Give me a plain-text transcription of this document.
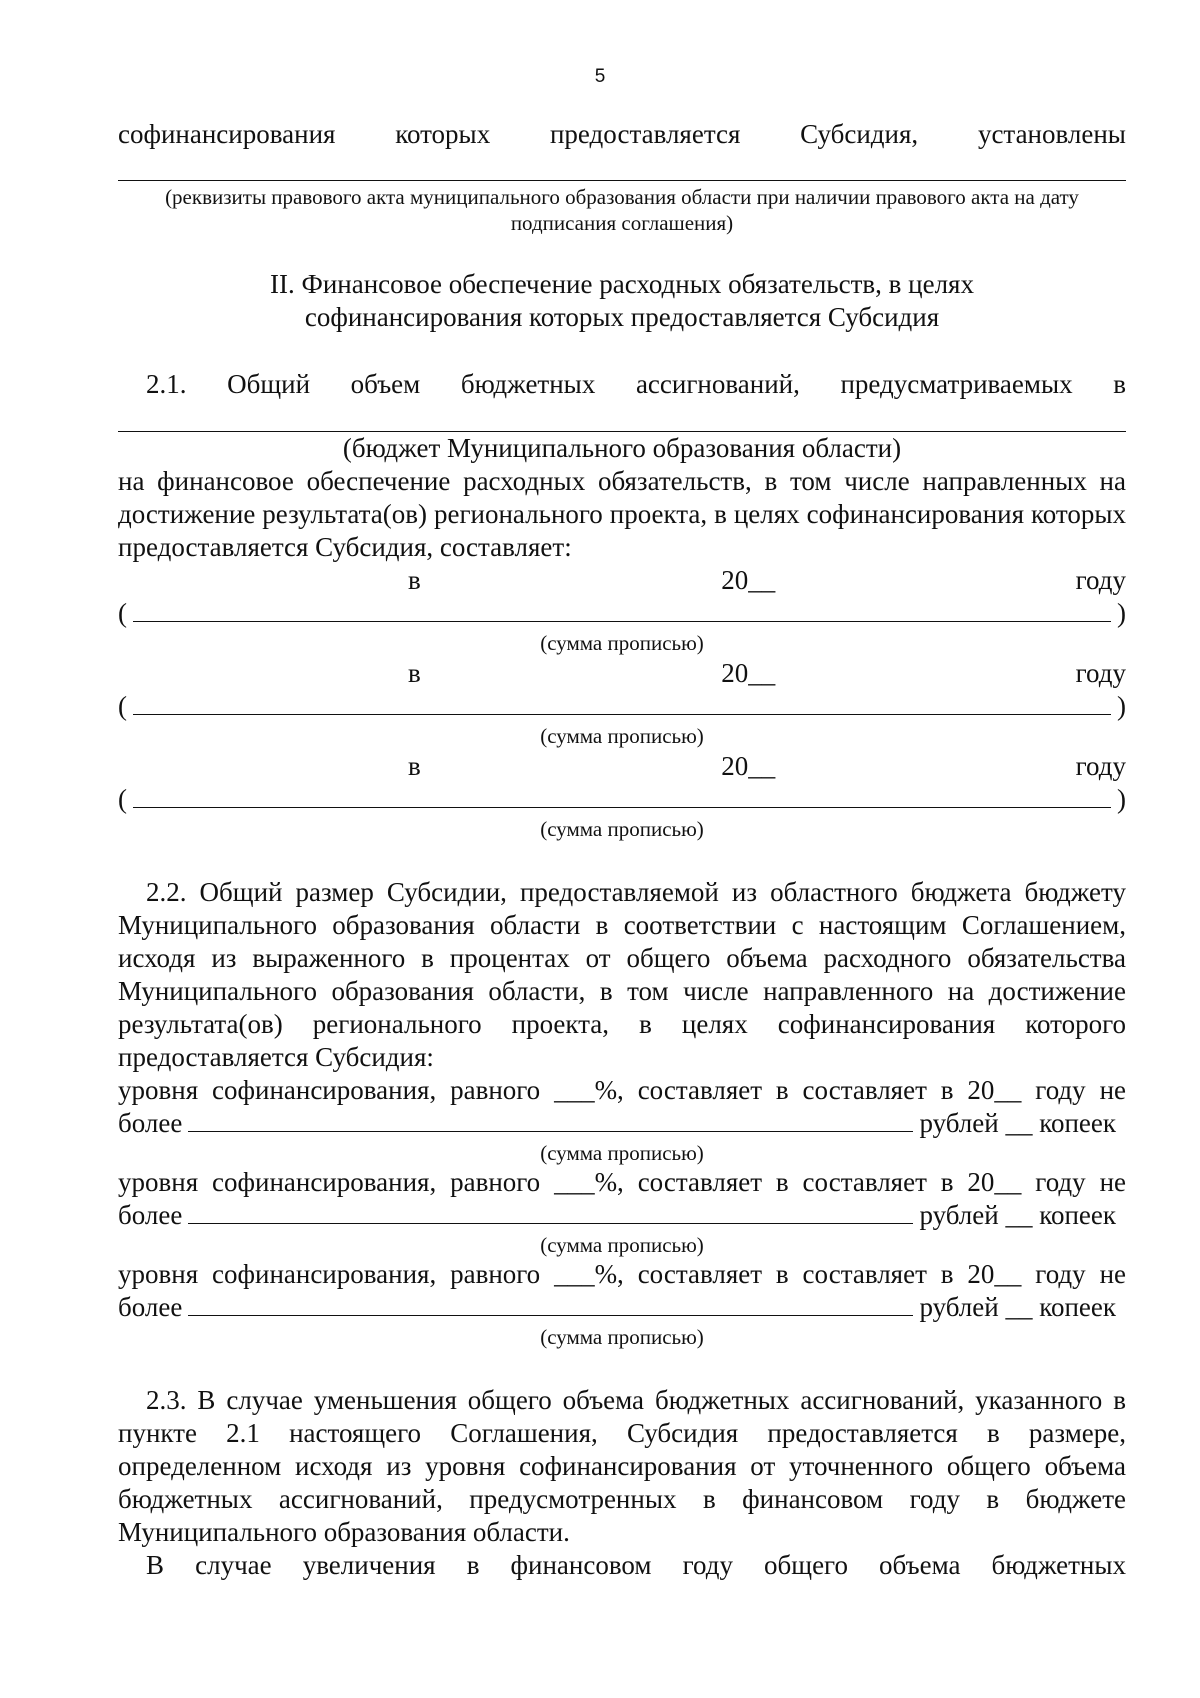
5
софинансирования которых предоставляется Субсидия, установлены
(реквизиты правового акта муниципального образования области при наличии правового акта на дату подписания соглашения)
II. Финансовое обеспечение расходных обязательств, в целях
софинансирования которых предоставляется Субсидия
2.1. Общий объем бюджетных ассигнований, предусматриваемых в
(бюджет Муниципального образования области)
на финансовое обеспечение расходных обязательств, в том числе направленных на достижение результата(ов) регионального проекта, в целях софинансирования которых предоставляется Субсидия, составляет:
в	20__	году
(	)
(сумма прописью)
в	20__	году
(	)
(сумма прописью)
в	20__	году
(	)
(сумма прописью)
2.2. Общий размер Субсидии, предоставляемой из областного бюджета бюджету Муниципального образования области в соответствии с настоящим Соглашением, исходя из выраженного в процентах от общего объема расходного обязательства Муниципального образования области, в том числе направленного на достижение результата(ов) регионального проекта, в целях софинансирования которого предоставляется Субсидия:
уровня софинансирования, равного ___%, составляет в составляет в 20__ году не
более	рублей __ копеек
(сумма прописью)
уровня софинансирования, равного ___%, составляет в составляет в 20__ году не
более	рублей __ копеек
(сумма прописью)
уровня софинансирования, равного ___%, составляет в составляет в 20__ году не
более	рублей __ копеек
(сумма прописью)
2.3. В случае уменьшения общего объема бюджетных ассигнований, указанного в пункте 2.1 настоящего Соглашения, Субсидия предоставляется в размере, определенном исходя из уровня софинансирования от уточненного общего объема бюджетных ассигнований, предусмотренных в финансовом году в бюджете Муниципального образования области.
В случае увеличения в финансовом году общего объема бюджетных
